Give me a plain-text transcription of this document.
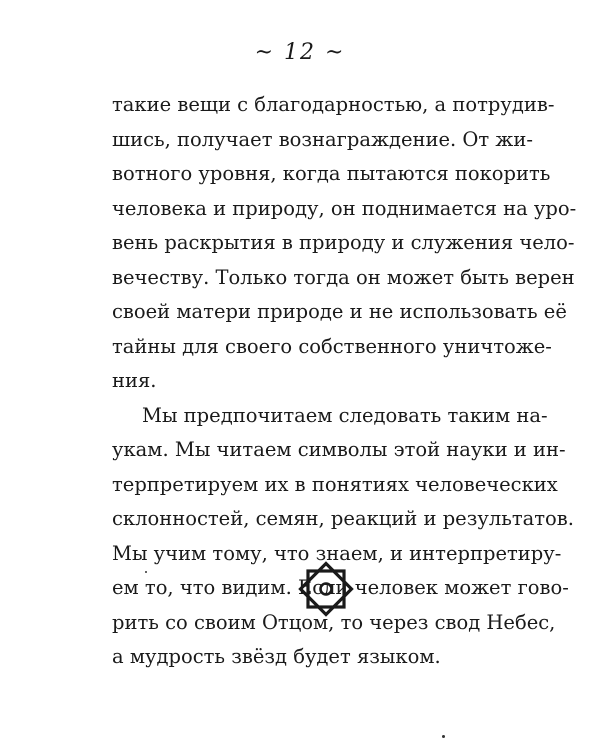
~ 12 ~
такие вещи с благодарностью, а потрудив-
шись, получает вознаграждение. От жи-
вотного уровня, когда пытаются покорить
человека и природу, он поднимается на уро-
вень раскрытия в природу и служения чело-
вечеству. Только тогда он может быть верен
своей матери природе и не использовать её
тайны для своего собственного уничтоже-
ния.
Мы предпочитаем следовать таким на-
укам. Мы читаем символы этой науки и ин-
терпретируем их в понятиях человеческих
склонностей, семян, реакций и результатов.
Мы учим тому, что знаем, и интерпретиру-
ем то, что видим. Если человек может гово-
рить со своим Отцом, то через свод Небес,
а мудрость звёзд будет языком.
